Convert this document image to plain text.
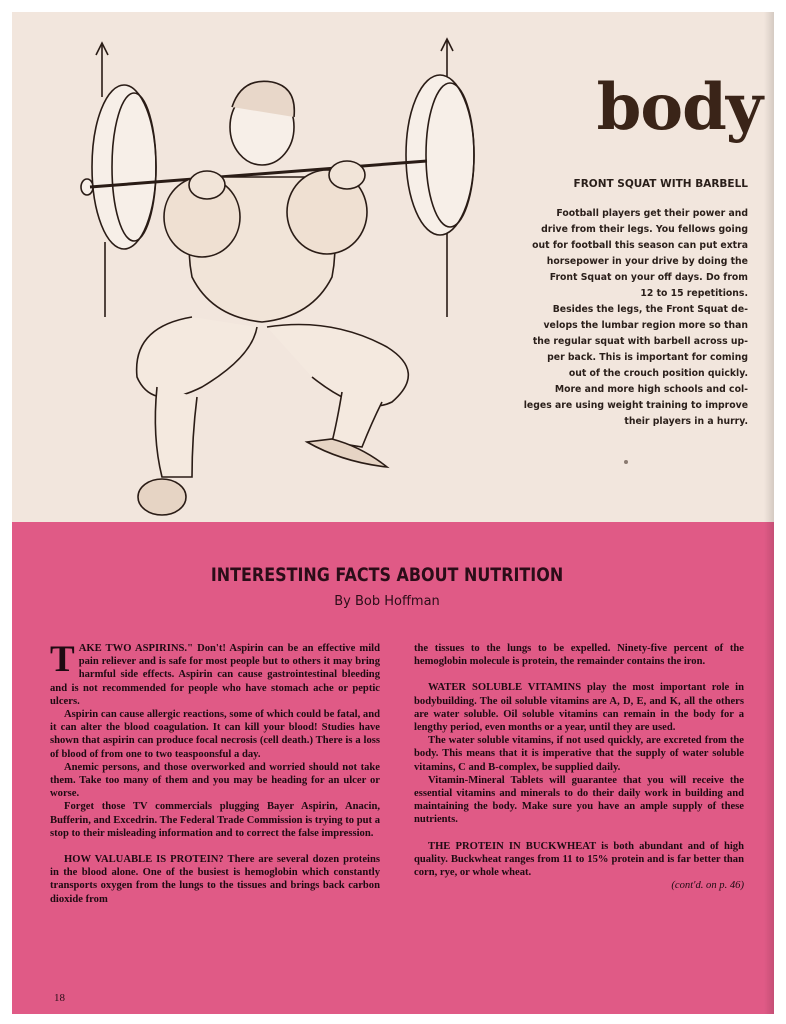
body
FRONT SQUAT WITH BARBELL
Football players get their power and
drive from their legs. You fellows going
out for football this season can put extra
horsepower in your drive by doing the
Front Squat on your off days. Do from
12 to 15 repetitions.
Besides the legs, the Front Squat de-
velops the lumbar region more so than
the regular squat with barbell across up-
per back. This is important for coming
out of the crouch position quickly.
More and more high schools and col-
leges are using weight training to improve
their players in a hurry.
INTERESTING FACTS ABOUT NUTRITION
By Bob Hoffman

TAKE TWO ASPIRINS." Don't! Aspirin can be an effective mild pain reliever and is safe for most people but to others it may bring harmful side effects. Aspirin can cause gastrointestinal bleeding and is not recommended for people who have stomach ache or peptic ulcers.

Aspirin can cause allergic reactions, some of which could be fatal, and it can alter the blood coagulation. It can kill your blood! Studies have shown that aspirin can produce focal necrosis (cell death.) There is a loss of blood of from one to two teaspoonsful a day.

Anemic persons, and those overworked and worried should not take them. Take too many of them and you may be heading for an ulcer or worse.

Forget those TV commercials plugging Bayer Aspirin, Anacin, Bufferin, and Excedrin. The Federal Trade Commission is trying to put a stop to their misleading information and to correct the false impression.

HOW VALUABLE IS PROTEIN? There are several dozen proteins in the blood alone. One of the busiest is hemoglobin which constantly transports oxygen from the lungs to the tissues and brings back carbon dioxide from

the tissues to the lungs to be expelled. Ninety-five percent of the hemoglobin molecule is protein, the remainder contains the iron.

WATER SOLUBLE VITAMINS play the most important role in bodybuilding. The oil soluble vitamins are A, D, E, and K, all the others are water soluble. Oil soluble vitamins can remain in the body for a lengthy period, even months or a year, until they are used.

The water soluble vitamins, if not used quickly, are excreted from the body. This means that it is imperative that the supply of water soluble vitamins, C and B-complex, be supplied daily.

Vitamin-Mineral Tablets will guarantee that you will receive the essential vitamins and minerals to do their daily work in building and maintaining the body. Make sure you have an ample supply of these nutrients.

THE PROTEIN IN BUCKWHEAT is both abundant and of high quality. Buckwheat ranges from 11 to 15% protein and is far better than corn, rye, or whole wheat.

(cont'd. on p. 46)

18
